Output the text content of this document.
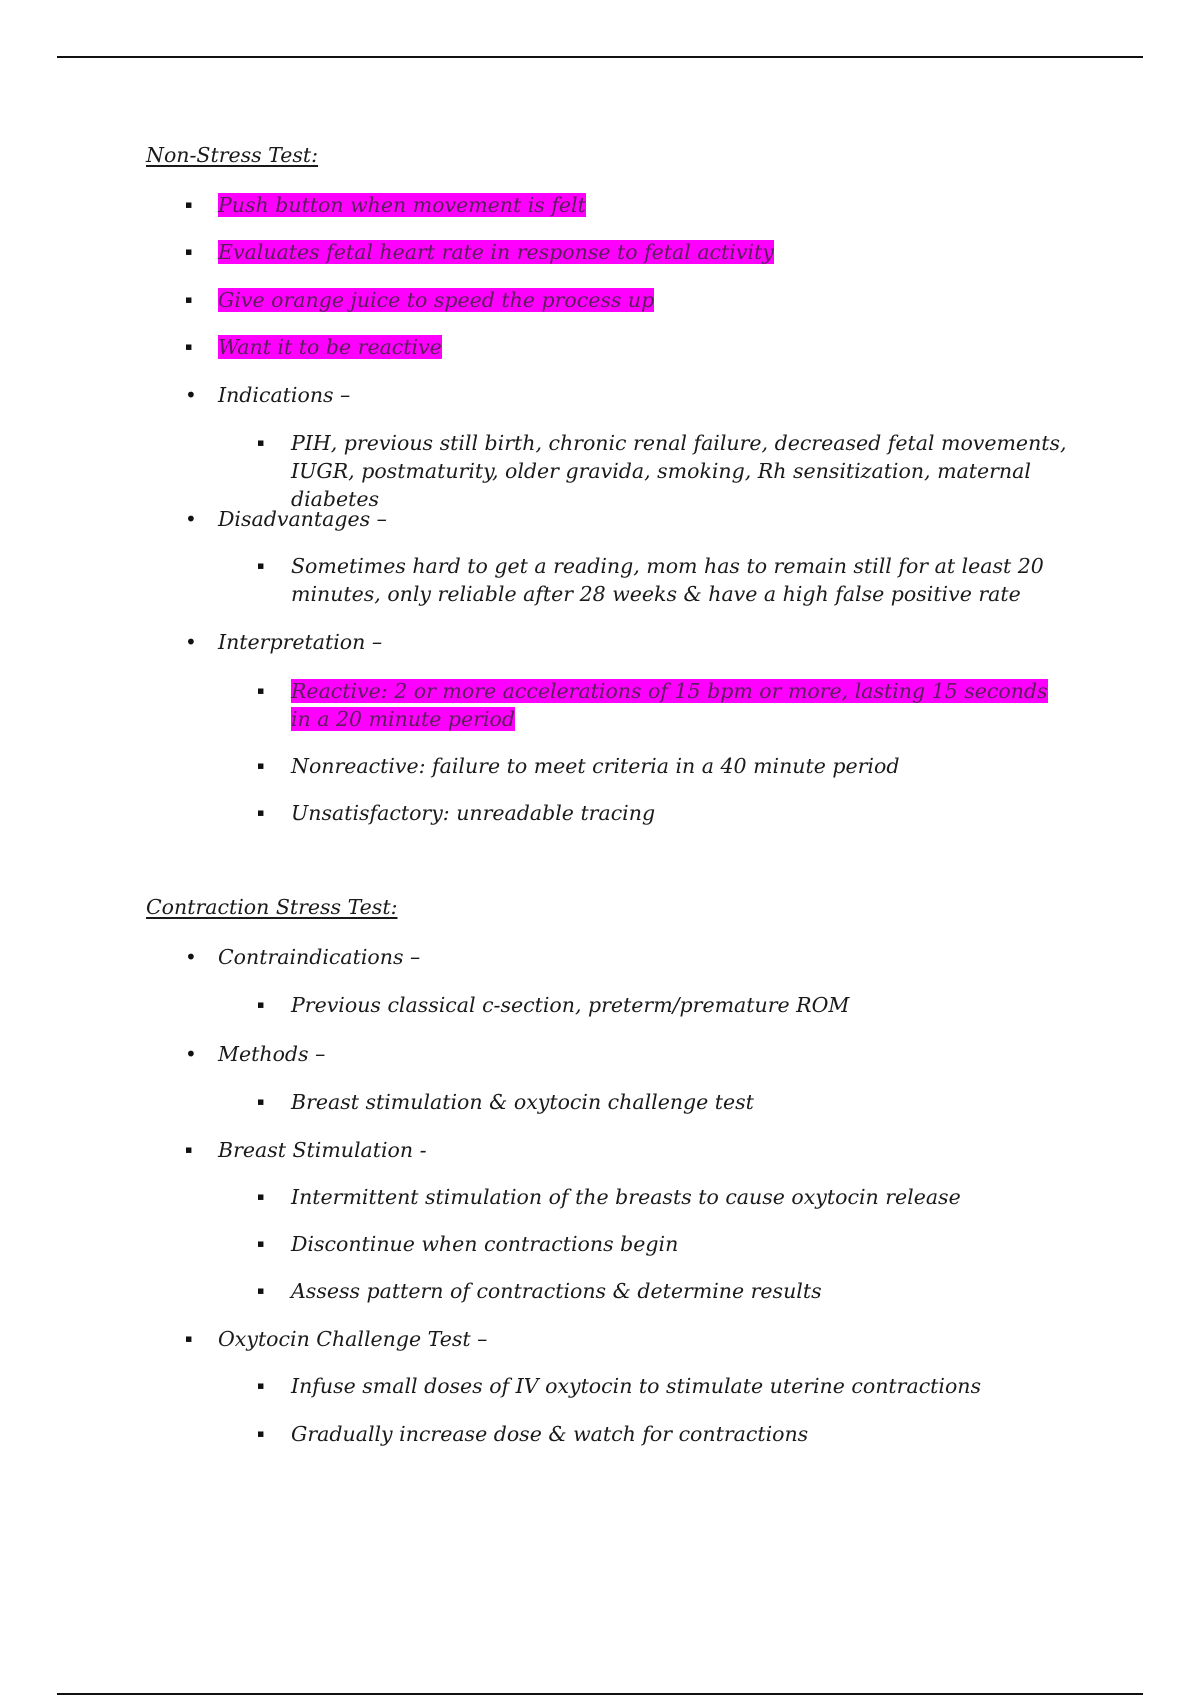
Non-Stress Test:
▪ Push button when movement is felt
▪ Evaluates fetal heart rate in response to fetal activity
▪ Give orange juice to speed the process up
▪ Want it to be reactive
• Indications –
▪ PIH, previous still birth, chronic renal failure, decreased fetal movements, IUGR, postmaturity, older gravida, smoking, Rh sensitization, maternal diabetes
• Disadvantages –
▪ Sometimes hard to get a reading, mom has to remain still for at least 20 minutes, only reliable after 28 weeks & have a high false positive rate
• Interpretation –
▪ Reactive: 2 or more accelerations of 15 bpm or more, lasting 15 seconds in a 20 minute period
▪ Nonreactive: failure to meet criteria in a 40 minute period
▪ Unsatisfactory: unreadable tracing
Contraction Stress Test:
• Contraindications –
▪ Previous classical c-section, preterm/premature ROM
• Methods –
▪ Breast stimulation & oxytocin challenge test
▪ Breast Stimulation -
▪ Intermittent stimulation of the breasts to cause oxytocin release
▪ Discontinue when contractions begin
▪ Assess pattern of contractions & determine results
▪ Oxytocin Challenge Test –
▪ Infuse small doses of IV oxytocin to stimulate uterine contractions
▪ Gradually increase dose & watch for contractions
